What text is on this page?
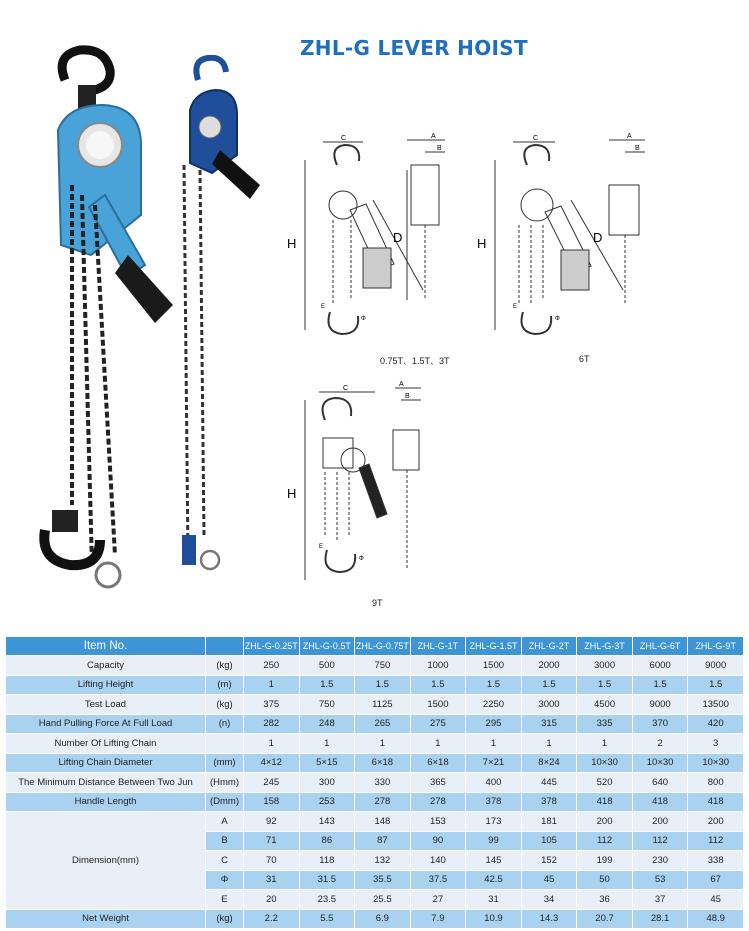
ZHL-G LEVER HOIST
H	D
C	A
B
Φ
E
0.75T、1.5T、3T
H	D
C	A
B
Φ
E
6T
H
C
A
B
Φ
E
9T
Item No.		ZHL-G-0.25T	ZHL-G-0.5T	ZHL-G-0.75T	ZHL-G-1T	ZHL-G-1.5T	ZHL-G-2T	ZHL-G-3T	ZHL-G-6T	ZHL-G-9T
Capacity	(kg)	250	500	750	1000	1500	2000	3000	6000	9000
Lifting Height	(m)	1	1.5	1.5	1.5	1.5	1.5	1.5	1.5	1.5
Test Load	(kg)	375	750	1125	1500	2250	3000	4500	9000	13500
Hand Pulling Force At Full Load	(n)	282	248	265	275	295	315	335	370	420
Number Of Lifting Chain		1	1	1	1	1	1	1	2	3
Lifting Chain Diameter	(mm)	4×12	5×15	6×18	6×18	7×21	8×24	10×30	10×30	10×30
The Minimum Distance Between Two Jun	(Hmm)	245	300	330	365	400	445	520	640	800
Handle Length	(Dmm)	158	253	278	278	378	378	418	418	418
Dimension(mm)	A	92	143	148	153	173	181	200	200	200
	B	71	86	87	90	99	105	112	112	112
	C	70	118	132	140	145	152	199	230	338
	Φ	31	31.5	35.5	37.5	42.5	45	50	53	67
	E	20	23.5	25.5	27	31	34	36	37	45
Net Weight	(kg)	2.2	5.5	6.9	7.9	10.9	14.3	20.7	28.1	48.9
